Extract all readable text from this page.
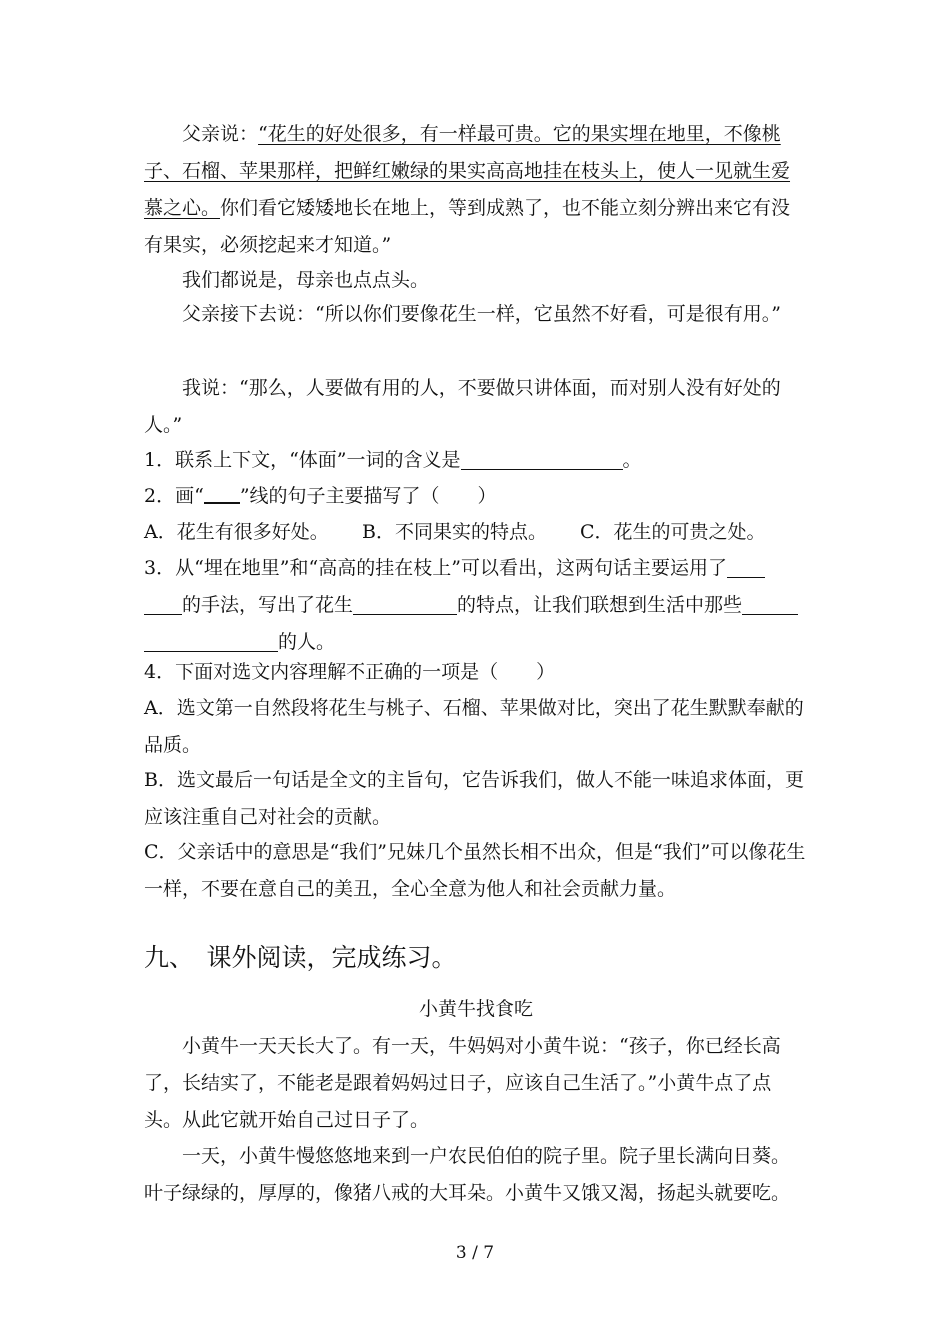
父亲说：“花生的好处很多，有一样最可贵。它的果实埋在地里，不像桃子、石榴、苹果那样，把鲜红嫩绿的果实高高地挂在枝头上，使人一见就生爱慕之心。你们看它矮矮地长在地上，等到成熟了，也不能立刻分辨出来它有没有果实，必须挖起来才知道。”

我们都说是，母亲也点点头。

父亲接下去说：“所以你们要像花生一样，它虽然不好看，可是很有用。”

我说：“那么，人要做有用的人，不要做只讲体面，而对别人没有好处的人。”

1．联系上下文，“体面”一词的含义是	。

2．画“ ”线的句子主要描写了（　　）

A．花生有很多好处。 B．不同果实的特点。 C．花生的可贵之处。

3．从“埋在地里”和“高高的挂在枝上”可以看出，这两句话主要运用了
的手法，写出了花生	的特点，让我们联想到生活中那些
的人。

4．下面对选文内容理解不正确的一项是（　　）

A．选文第一自然段将花生与桃子、石榴、苹果做对比，突出了花生默默奉献的品质。

B．选文最后一句话是全文的主旨句，它告诉我们，做人不能一味追求体面，更应该注重自己对社会的贡献。

C．父亲话中的意思是“我们”兄妹几个虽然长相不出众，但是“我们”可以像花生一样，不要在意自己的美丑，全心全意为他人和社会贡献力量。

九、　课外阅读，完成练习。

小黄牛找食吃

小黄牛一天天长大了。有一天，牛妈妈对小黄牛说：“孩子，你已经长高了，长结实了，不能老是跟着妈妈过日子，应该自己生活了。”小黄牛点了点头。从此它就开始自己过日子了。

一天，小黄牛慢悠悠地来到一户农民伯伯的院子里。院子里长满向日葵。叶子绿绿的，厚厚的，像猪八戒的大耳朵。小黄牛又饿又渴，扬起头就要吃。

3 / 7
